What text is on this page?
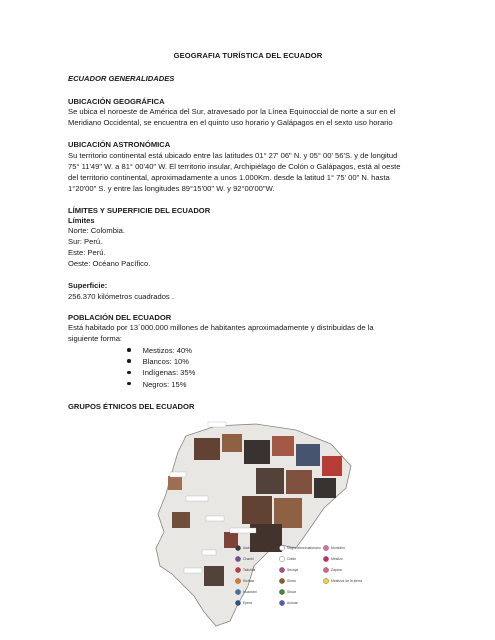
GEOGRAFIA TURÍSTICA DEL ECUADOR
ECUADOR GENERALIDADES
UBICACIÓN GEOGRÁFICA
Se ubica el noroeste de América del Sur, atravesado por la Línea Equinoccial de norte a sur en el
Meridiano Occidental, se encuentra en el quinto uso horario y Galápagos en el sexto uso horario
UBICACIÓN ASTRONÓMICA
Su territorio continental está ubicado entre las latitudes 01° 27' 06" N. y 05° 00' 56'S. y de longitud
75° 11'49" W. a 81° 00'40" W. El territorio insular, Archipiélago de Colón o Galápagos, está al oeste
del territorio continental, aproximadamente a unos 1.000Km. desde la latitud 1° 75' 00" N. hasta
1°20'00" S. y entre las longitudes 89°15'00" W. y 92°00'00"W.
LÍMITES Y SUPERFICIE DEL ECUADOR
Límites
Norte: Colombia.
Sur: Perú.
Este: Perú.
Oeste: Océano Pacífico.
Superficie:
256.370 kilómetros cuadrados .
POBLACIÓN DEL ECUADOR
Está habitado por 13´000.000 millones de habitantes aproximadamente y distribuidas de la
siguiente forma:
Mestizos: 40%
Blancos: 10%
Indígenas: 35%
Negros: 15%
GRUPOS ÉTNICOS DEL ECUADOR
Awá
Chachi
Tsáchila
Kichwa
Huaorani
Epera
Negro afroecuatoriano
Cofán
Secoya
Siona
Shuar
Achuar
Montubio
Mestizo
Zápara
Mestizos de la sierra
